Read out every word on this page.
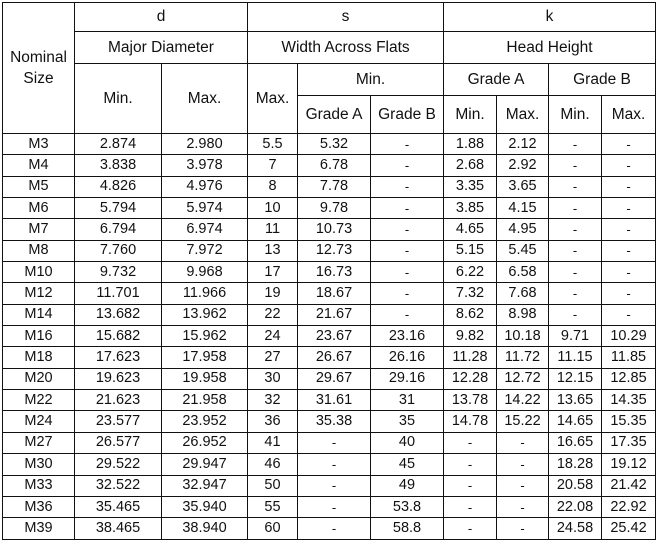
Nominal Size	d		s			k			
	Major Diameter		Width Across Flats			Head Height			
	Min.	Max.	Max.	Min.		Grade A		Grade B	
				Grade A	Grade B	Min.	Max.	Min.	Max.
M3	2.874	2.980	5.5	5.32	-	1.88	2.12	-	-
M4	3.838	3.978	7	6.78	-	2.68	2.92	-	-
M5	4.826	4.976	8	7.78	-	3.35	3.65	-	-
M6	5.794	5.974	10	9.78	-	3.85	4.15	-	-
M7	6.794	6.974	11	10.73	-	4.65	4.95	-	-
M8	7.760	7.972	13	12.73	-	5.15	5.45	-	-
M10	9.732	9.968	17	16.73	-	6.22	6.58	-	-
M12	11.701	11.966	19	18.67	-	7.32	7.68	-	-
M14	13.682	13.962	22	21.67	-	8.62	8.98	-	-
M16	15.682	15.962	24	23.67	23.16	9.82	10.18	9.71	10.29
M18	17.623	17.958	27	26.67	26.16	11.28	11.72	11.15	11.85
M20	19.623	19.958	30	29.67	29.16	12.28	12.72	12.15	12.85
M22	21.623	21.958	32	31.61	31	13.78	14.22	13.65	14.35
M24	23.577	23.952	36	35.38	35	14.78	15.22	14.65	15.35
M27	26.577	26.952	41	-	40	-	-	16.65	17.35
M30	29.522	29.947	46	-	45	-	-	18.28	19.12
M33	32.522	32.947	50	-	49	-	-	20.58	21.42
M36	35.465	35.940	55	-	53.8	-	-	22.08	22.92
M39	38.465	38.940	60	-	58.8	-	-	24.58	25.42
